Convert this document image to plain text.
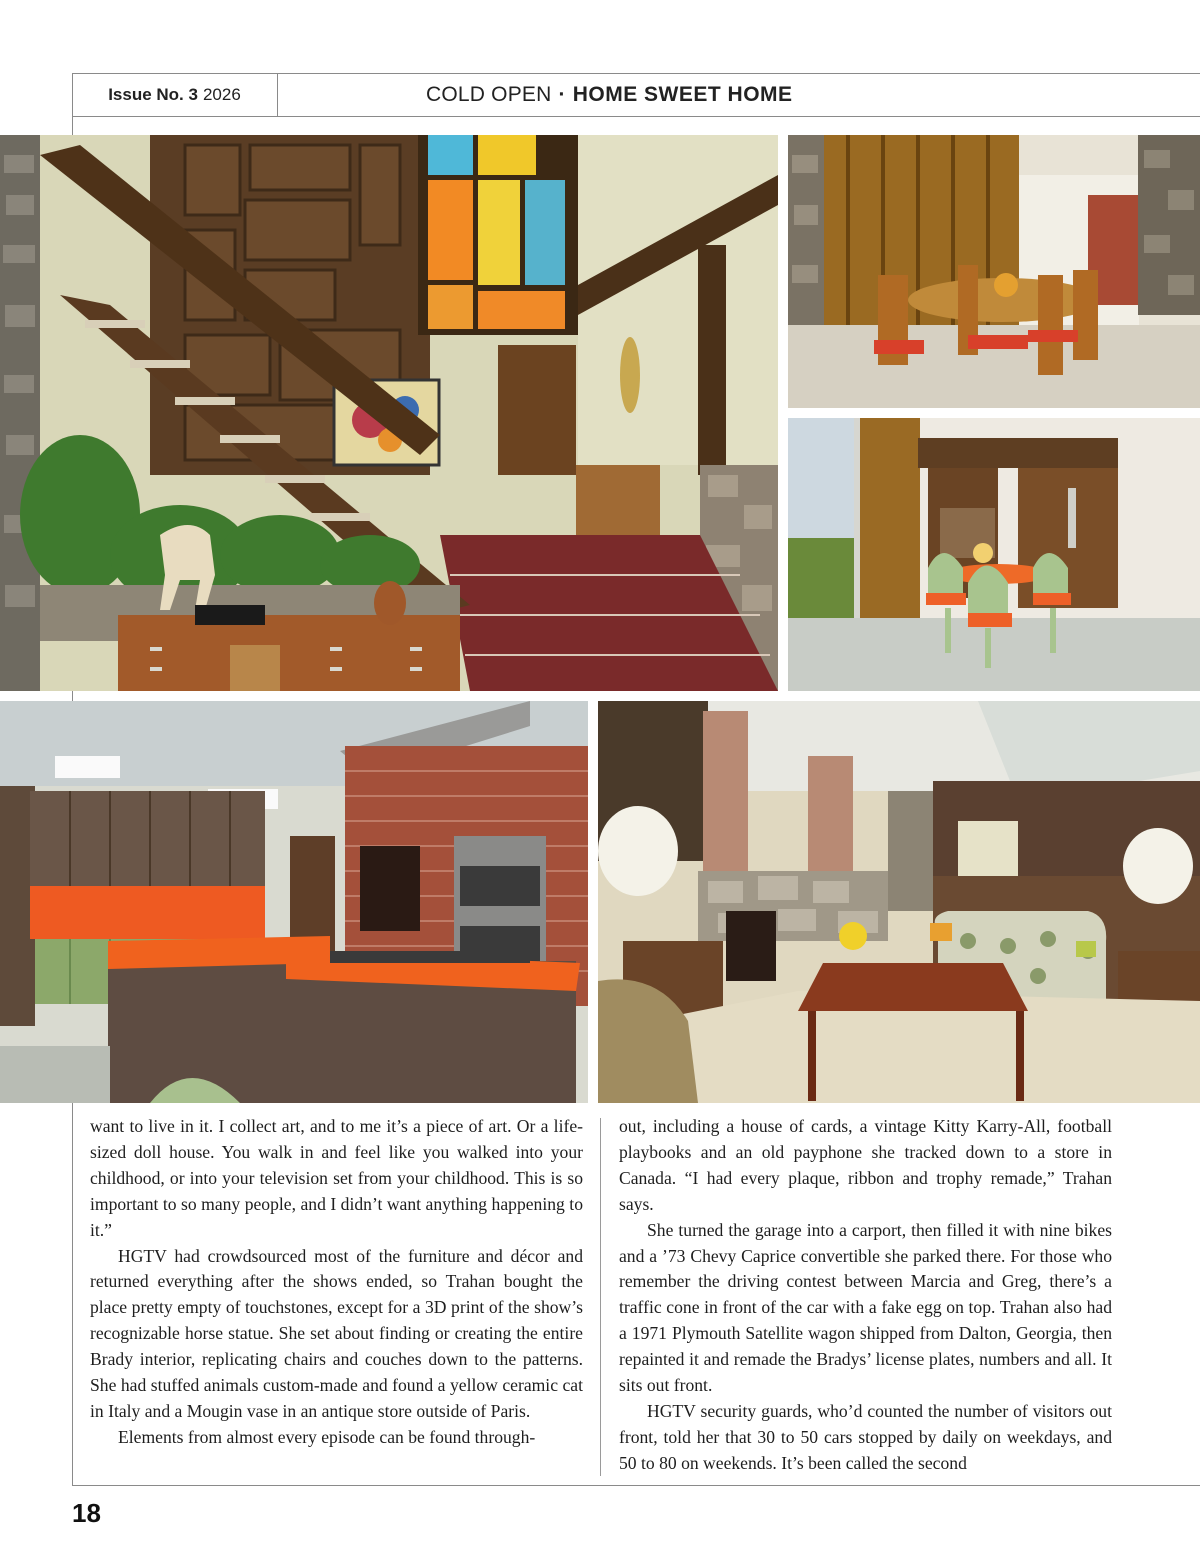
Issue No. 3 2026	COLD OPEN · HOME SWEET HOME

want to live in it. I collect art, and to me it’s a piece of art. Or a life-sized doll house. You walk in and feel like you walked into your childhood, or into your television set from your childhood. This is so important to so many people, and I didn’t want anything happening to it.”

HGTV had crowdsourced most of the furniture and décor and returned everything after the shows ended, so Trahan bought the place pretty empty of touchstones, except for a 3D print of the show’s recognizable horse statue. She set about finding or creating the entire Brady interior, replicating chairs and couches down to the patterns. She had stuffed animals custom-made and found a yellow ceramic cat in Italy and a Mougin vase in an antique store outside of Paris.

Elements from almost every episode can be found through-

out, including a house of cards, a vintage Kitty Karry-All, football playbooks and an old payphone she tracked down to a store in Canada. “I had every plaque, ribbon and trophy remade,” Trahan says.

She turned the garage into a carport, then filled it with nine bikes and a ’73 Chevy Caprice convertible she parked there. For those who remember the driving contest between Marcia and Greg, there’s a traffic cone in front of the car with a fake egg on top. Trahan also had a 1971 Plymouth Satellite wagon shipped from Dalton, Georgia, then repainted it and remade the Bradys’ license plates, numbers and all. It sits out front.

HGTV security guards, who’d counted the number of visitors out front, told her that 30 to 50 cars stopped by daily on weekdays, and 50 to 80 on weekends. It’s been called the second

18
